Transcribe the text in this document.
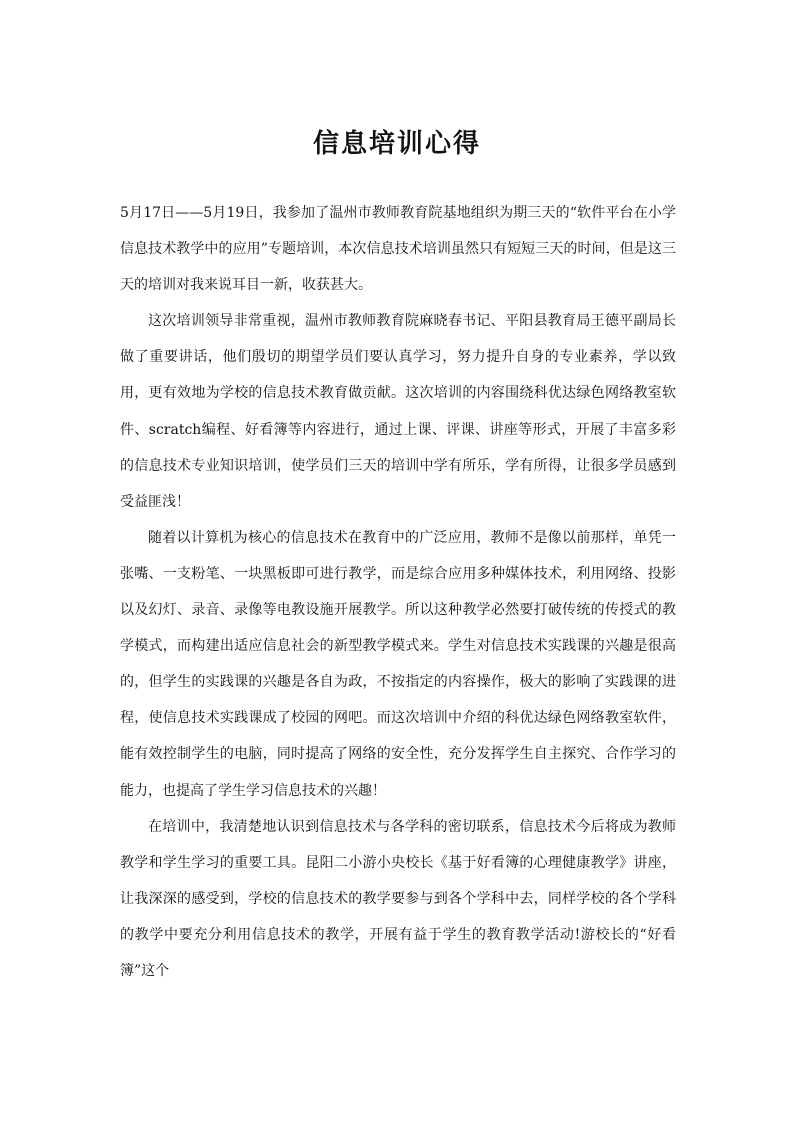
信息培训心得

5月17日——5月19日，我参加了温州市教师教育院基地组织为期三天的“软件平台在小学信息技术教学中的应用”专题培训，本次信息技术培训虽然只有短短三天的时间，但是这三天的培训对我来说耳目一新，收获甚大。

这次培训领导非常重视，温州市教师教育院麻晓春书记、平阳县教育局王德平副局长做了重要讲话，他们殷切的期望学员们要认真学习，努力提升自身的专业素养，学以致用，更有效地为学校的信息技术教育做贡献。这次培训的内容围绕科优达绿色网络教室软件、scratch编程、好看簿等内容进行，通过上课、评课、讲座等形式，开展了丰富多彩的信息技术专业知识培训，使学员们三天的培训中学有所乐，学有所得，让很多学员感到受益匪浅！

随着以计算机为核心的信息技术在教育中的广泛应用，教师不是像以前那样，单凭一张嘴、一支粉笔、一块黑板即可进行教学，而是综合应用多种媒体技术，利用网络、投影以及幻灯、录音、录像等电教设施开展教学。所以这种教学必然要打破传统的传授式的教学模式，而构建出适应信息社会的新型教学模式来。学生对信息技术实践课的兴趣是很高的，但学生的实践课的兴趣是各自为政，不按指定的内容操作，极大的影响了实践课的进程，使信息技术实践课成了校园的网吧。而这次培训中介绍的科优达绿色网络教室软件，能有效控制学生的电脑，同时提高了网络的安全性，充分发挥学生自主探究、合作学习的能力，也提高了学生学习信息技术的兴趣！

在培训中，我清楚地认识到信息技术与各学科的密切联系，信息技术今后将成为教师教学和学生学习的重要工具。昆阳二小游小央校长《基于好看簿的心理健康教学》讲座，让我深深的感受到，学校的信息技术的教学要参与到各个学科中去，同样学校的各个学科的教学中要充分利用信息技术的教学，开展有益于学生的教育教学活动!游校长的“好看簿”这个
